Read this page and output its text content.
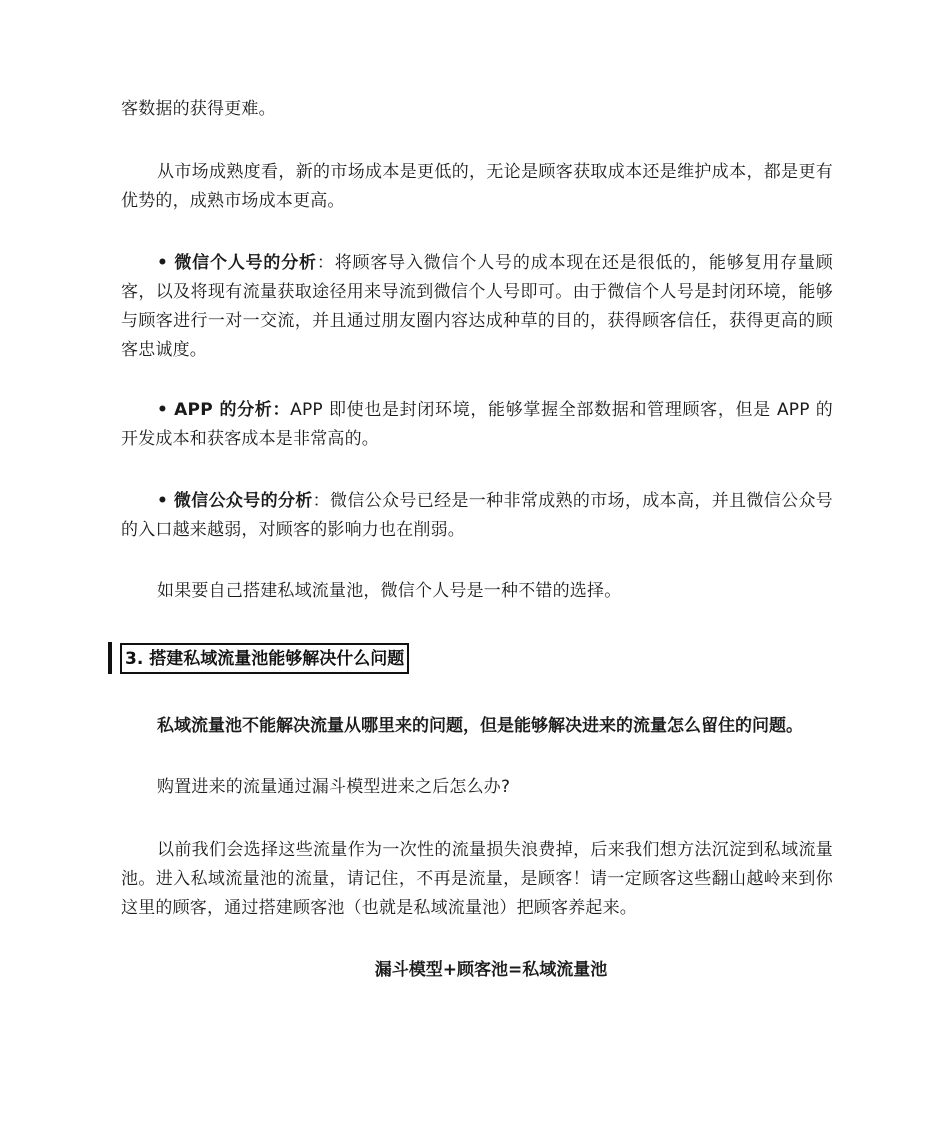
客数据的获得更难。

从市场成熟度看，新的市场成本是更低的，无论是顾客获取成本还是维护成本，都是更有优势的，成熟市场成本更高。

• 微信个人号的分析：将顾客导入微信个人号的成本现在还是很低的，能够复用存量顾客，以及将现有流量获取途径用来导流到微信个人号即可。由于微信个人号是封闭环境，能够与顾客进行一对一交流，并且通过朋友圈内容达成种草的目的，获得顾客信任，获得更高的顾客忠诚度。

• APP 的分析：APP 即使也是封闭环境，能够掌握全部数据和管理顾客，但是 APP 的开发成本和获客成本是非常高的。

• 微信公众号的分析：微信公众号已经是一种非常成熟的市场，成本高，并且微信公众号的入口越来越弱，对顾客的影响力也在削弱。

如果要自己搭建私域流量池，微信个人号是一种不错的选择。

3. 搭建私域流量池能够解决什么问题

私域流量池不能解决流量从哪里来的问题，但是能够解决进来的流量怎么留住的问题。

购置进来的流量通过漏斗模型进来之后怎么办?

以前我们会选择这些流量作为一次性的流量损失浪费掉，后来我们想方法沉淀到私域流量池。进入私域流量池的流量，请记住，不再是流量，是顾客！请一定顾客这些翻山越岭来到你这里的顾客，通过搭建顾客池（也就是私域流量池）把顾客养起来。

漏斗模型+顾客池=私域流量池
